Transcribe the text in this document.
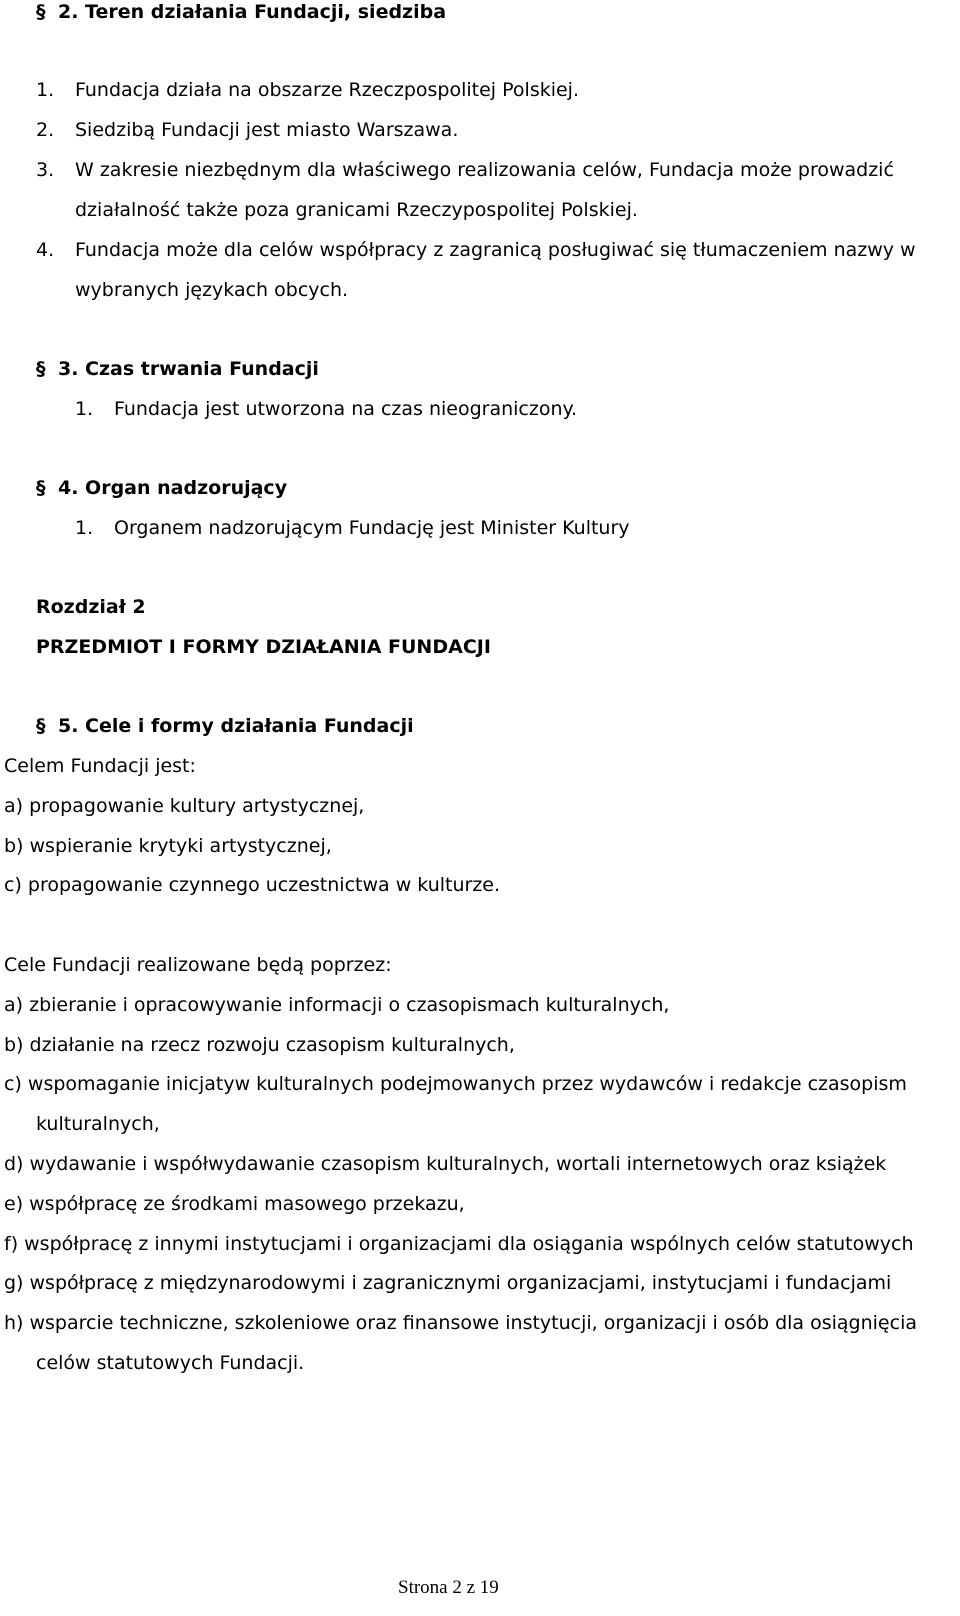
§ 2. Teren działania Fundacji, siedziba
1. Fundacja działa na obszarze Rzeczpospolitej Polskiej.
2. Siedzibą Fundacji jest miasto Warszawa.
3. W zakresie niezbędnym dla właściwego realizowania celów, Fundacja może prowadzić
działalność także poza granicami Rzeczypospolitej Polskiej.
4. Fundacja może dla celów współpracy z zagranicą posługiwać się tłumaczeniem nazwy w
wybranych językach obcych.
§ 3. Czas trwania Fundacji
1. Fundacja jest utworzona na czas nieograniczony.
§ 4. Organ nadzorujący
1. Organem nadzorującym Fundację jest Minister Kultury
Rozdział 2
PRZEDMIOT I FORMY DZIAŁANIA FUNDACJI
§ 5. Cele i formy działania Fundacji
Celem Fundacji jest:
a) propagowanie kultury artystycznej,
b) wspieranie krytyki artystycznej,
c) propagowanie czynnego uczestnictwa w kulturze.
Cele Fundacji realizowane będą poprzez:
a) zbieranie i opracowywanie informacji o czasopismach kulturalnych,
b) działanie na rzecz rozwoju czasopism kulturalnych,
c) wspomaganie inicjatyw kulturalnych podejmowanych przez wydawców i redakcje czasopism
kulturalnych,
d) wydawanie i współwydawanie czasopism kulturalnych, wortali internetowych oraz książek
e) współpracę ze środkami masowego przekazu,
f) współpracę z innymi instytucjami i organizacjami dla osiągania wspólnych celów statutowych
g) współpracę z międzynarodowymi i zagranicznymi organizacjami, instytucjami i fundacjami
h) wsparcie techniczne, szkoleniowe oraz finansowe instytucji, organizacji i osób dla osiągnięcia
celów statutowych Fundacji.
Strona 2 z 19
